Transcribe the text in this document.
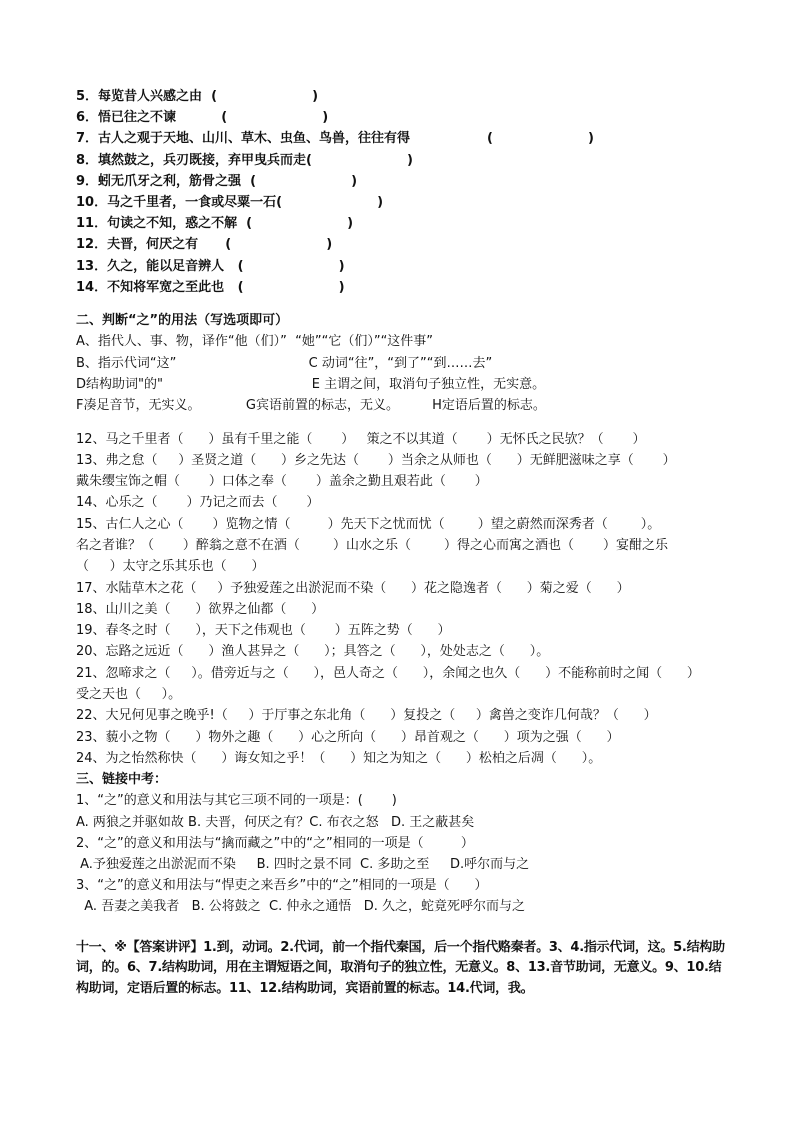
5．每览昔人兴感之由  (                     )

6．悟已往之不谏          (                     )

7．古人之观于天地、山川、草木、虫鱼、鸟兽，往往有得                 (                     )

8．填然鼓之，兵刃既接，弃甲曳兵而走(                     )

9．蚓无爪牙之利，筋骨之强  (                     )

10．马之千里者，一食或尽粟一石(                     )

11．句读之不知，惑之不解  (                     )

12．夫晋，何厌之有      (                     )

13．久之，能以足音辨人   (                     )

14．不知将军宽之至此也   (                     )

二、判断“之”的用法（写选项即可）

A、指代人、事、物，译作“他（们）”  “她”“它（们）”“这件事”

B、指示代词“这”                                C 动词“往”，“到了”“到……去”

D结构助词"的"                                    E 主谓之间，取消句子独立性，无实意。

F凑足音节，无实义。           G宾语前置的标志，无义。        H定语后置的标志。

12、马之千里者（      ）虽有千里之能（       ）   策之不以其道（       ）无怀氏之民欤？（       ）

13、弗之怠（     ）圣贤之道（      ）乡之先达（       ）当余之从师也（      ）无鲜肥滋味之享（       ）

戴朱缨宝饰之帽（       ）口体之奉（       ）盖余之勤且艰若此（       ）

14、心乐之（       ）乃记之而去（       ）

15、古仁人之心（       ）览物之情（         ）先天下之忧而忧（        ）望之蔚然而深秀者（        ）。

名之者谁？（       ）醉翁之意不在酒（        ）山水之乐（        ）得之心而寓之酒也（       ）宴酣之乐

（     ）太守之乐其乐也（      ）

17、水陆草木之花（     ）予独爱莲之出淤泥而不染（      ）花之隐逸者（      ）菊之爱（      ）

18、山川之美（      ）欲界之仙都（      ）

19、春冬之时（      ），天下之伟观也（       ）五阵之势（      ）

20、忘路之远近（      ）渔人甚异之（      ）；具答之（      ），处处志之（      ）。

21、忽啼求之（     ）。借旁近与之（      ），邑人奇之（      ），余闻之也久（      ）不能称前时之闻（      ）

受之天也（     ）。

22、大兄何见事之晚乎!（     ）于厅事之东北角（      ）复投之（     ）禽兽之变诈几何哉？（      ）

23、藐小之物（      ）物外之趣（      ）心之所向（      ）昂首观之（      ）项为之强（      ）

24、为之怡然称快（      ）诲女知之乎！（      ）知之为知之（      ）松柏之后凋（      ）。

三、链接中考：

1、“之”的意义和用法与其它三项不同的一项是：(       )

A. 两狼之并驱如故 B. 夫晋，何厌之有？C. 布衣之怒   D. 王之蔽甚矣

2、“之”的意义和用法与“擒而藏之”中的“之”相同的一项是（         ）

A.予独爱莲之出淤泥而不染     B. 四时之景不同  C. 多助之至     D.呼尔而与之

3、“之”的意义和用法与“悍吏之来吾乡”中的“之”相同的一项是（      ）

A. 吾妻之美我者   B. 公将鼓之  C. 仲永之通悟   D. 久之，蛇竟死呼尔而与之

十一、※【答案讲评】1.到，动词。2.代词，前一个指代秦国，后一个指代赂秦者。3、4.指示代词，这。5.结构助词，的。6、7.结构助词，用在主谓短语之间，取消句子的独立性，无意义。8、13.音节助词，无意义。9、10.结构助词，定语后置的标志。11、12.结构助词，宾语前置的标志。14.代词，我。
